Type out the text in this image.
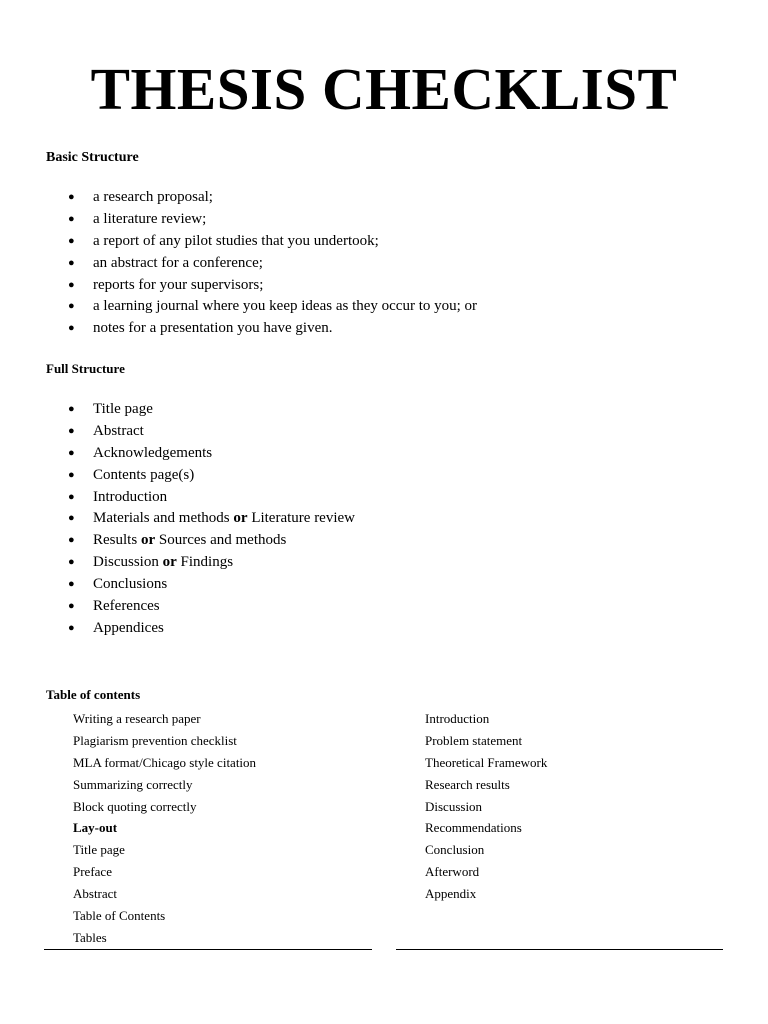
THESIS CHECKLIST
Basic Structure
● a research proposal;
● a literature review;
● a report of any pilot studies that you undertook;
● an abstract for a conference;
● reports for your supervisors;
● a learning journal where you keep ideas as they occur to you; or
● notes for a presentation you have given.
Full Structure
● Title page
● Abstract
● Acknowledgements
● Contents page(s)
● Introduction
● Materials and methods or Literature review
● Results or Sources and methods
● Discussion or Findings
● Conclusions
● References
● Appendices
Table of contents
Writing a research paper
Plagiarism prevention checklist
MLA format/Chicago style citation
Summarizing correctly
Block quoting correctly
Lay-out
Title page
Preface
Abstract
Table of Contents
Tables
Introduction
Problem statement
Theoretical Framework
Research results
Discussion
Recommendations
Conclusion
Afterword
Appendix
